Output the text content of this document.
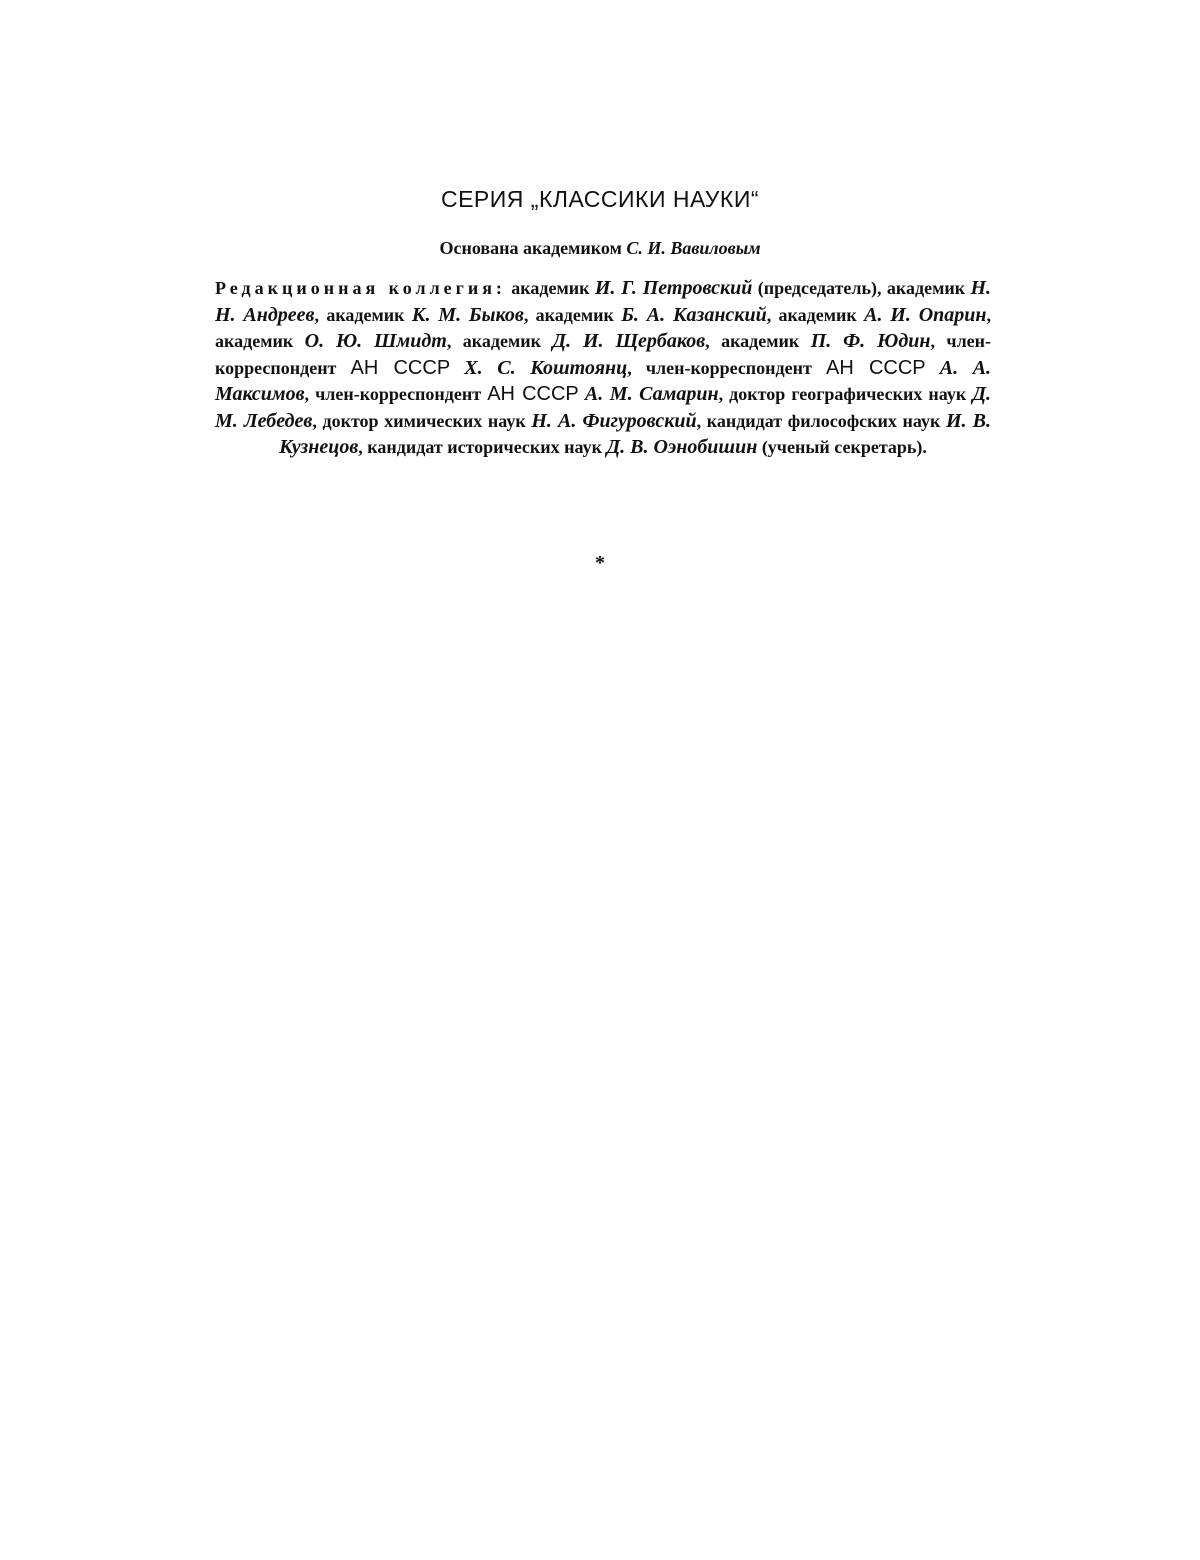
СЕРИЯ „КЛАССИКИ НАУКИ“

Основана академиком С. И. Вавиловым

Редакционная коллегия: академик И. Г. Петровский (председатель), академик Н. Н. Андреев, академик К. М. Быков, академик Б. А. Казанский, академик А. И. Опарин, академик О. Ю. Шмидт, академик Д. И. Щербаков, академик П. Ф. Юдин, член-корреспондент АН СССР Х. С. Коштоянц, член-корреспондент АН СССР А. А. Максимов, член-корреспондент АН СССР А. М. Самарин, доктор географических наук Д. М. Лебедев, доктор химических наук Н. А. Фигуровский, кандидат философских наук И. В. Кузнецов, кандидат исторических наук Д. В. Оэнобишин (ученый секретарь).

*
